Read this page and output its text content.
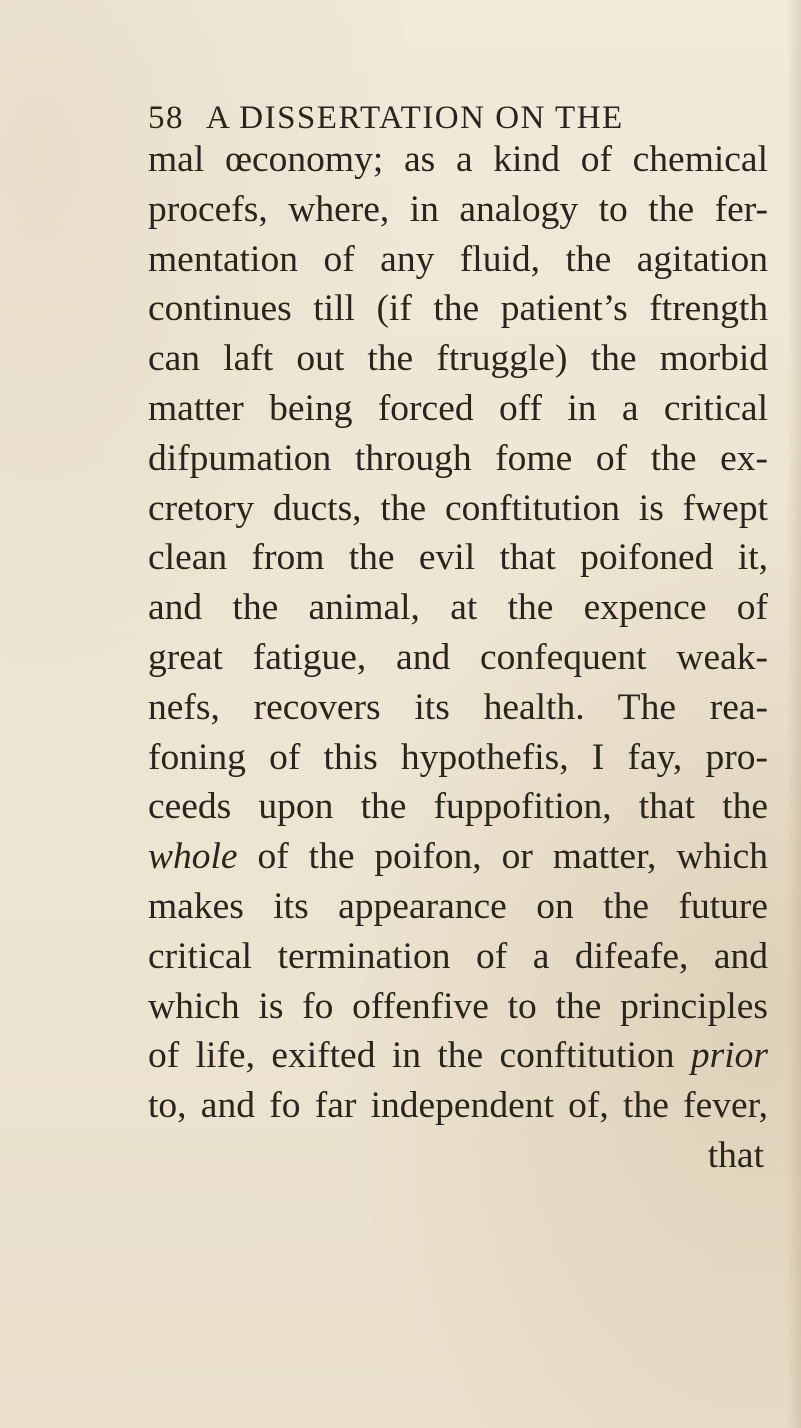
58 A DISSERTATION ON THE
mal œconomy; as a kind of chemical
procefs, where, in analogy to the fer-
mentation of any fluid, the agitation
continues till (if the patient’s ftrength
can laft out the ftruggle) the morbid
matter being forced off in a critical
difpumation through fome of the ex-
cretory ducts, the conftitution is fwept
clean from the evil that poifoned it,
and the animal, at the expence of
great fatigue, and confequent weak-
nefs, recovers its health. The rea-
foning of this hypothefis, I fay, pro-
ceeds upon the fuppofition, that the
whole of the poifon, or matter, which
makes its appearance on the future
critical termination of a difeafe, and
which is fo offenfive to the principles
of life, exifted in the conftitution prior
to, and fo far independent of, the fever,
that
